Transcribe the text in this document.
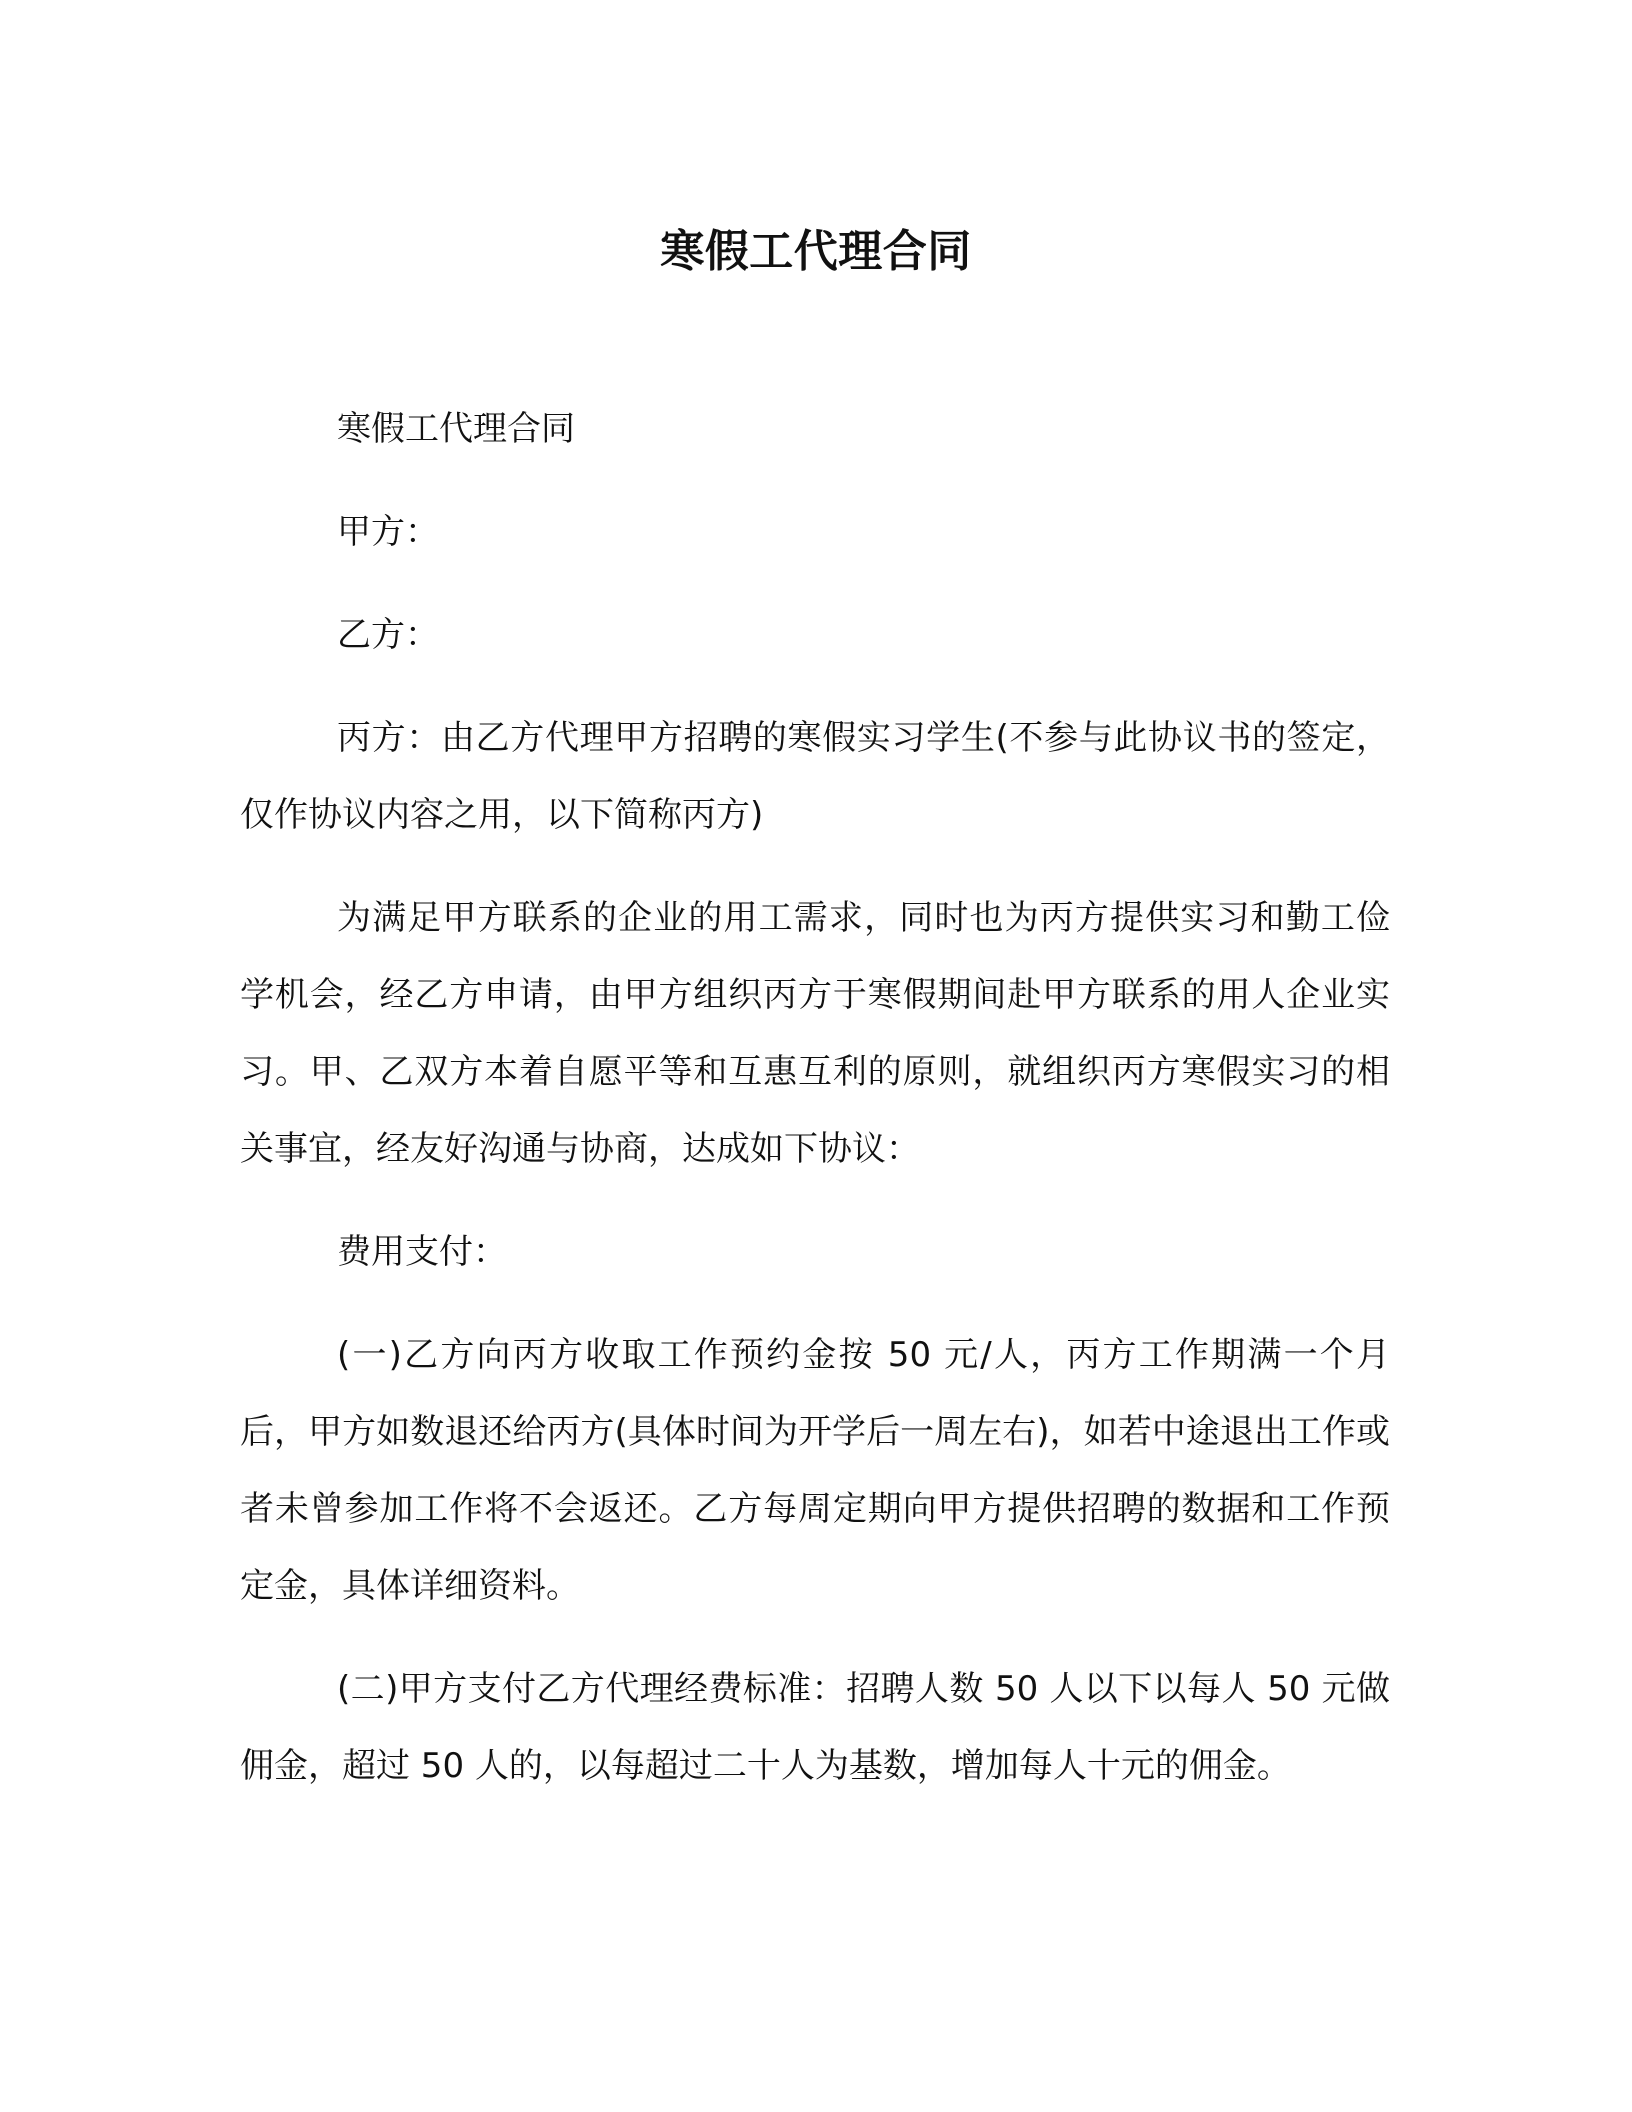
寒假工代理合同

寒假工代理合同

甲方：

乙方：

丙方：由乙方代理甲方招聘的寒假实习学生(不参与此协议书的签定，仅作协议内容之用，以下简称丙方)

为满足甲方联系的企业的用工需求，同时也为丙方提供实习和勤工俭学机会，经乙方申请，由甲方组织丙方于寒假期间赴甲方联系的用人企业实习。甲、乙双方本着自愿平等和互惠互利的原则，就组织丙方寒假实习的相关事宜，经友好沟通与协商，达成如下协议：

费用支付：

(一)乙方向丙方收取工作预约金按 50 元/人，丙方工作期满一个月后，甲方如数退还给丙方(具体时间为开学后一周左右)，如若中途退出工作或者未曾参加工作将不会返还。乙方每周定期向甲方提供招聘的数据和工作预定金，具体详细资料。

(二)甲方支付乙方代理经费标准：招聘人数 50 人以下以每人 50 元做佣金，超过 50 人的，以每超过二十人为基数，增加每人十元的佣金。
